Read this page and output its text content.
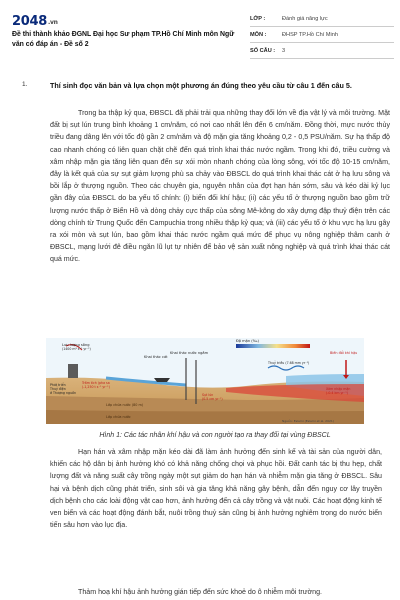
2048.vn
Đề thi thành khảo ĐGNL Đại học Sư phạm TP.Hồ Chí Minh môn Ngữ văn có đáp án - Đề số 2
LỚP :	Đánh giá năng lực
MÔN :	ĐHSP TP.Hồ Chí Minh
SỐ CÂU :	3
1.	Thí sinh đọc văn bản và lựa chọn một phương án đúng theo yêu cầu từ câu 1 đến câu 5.
Trong ba thập kỷ qua, ĐBSCL đã phải trải qua những thay đổi lớn về địa vật lý và môi trường. Mặt đất bị sụt lún trung bình khoảng 1 cm/năm, có nơi cao nhất lên đến 6 cm/năm. Đồng thời, mực nước thủy triều đang dâng lên với tốc độ gần 2 cm/năm và độ mặn gia tăng khoảng 0,2 - 0,5 PSU/năm. Sự hạ thấp độ cao nhanh chóng có liên quan chặt chẽ đến quá trình khai thác nước ngầm. Trong khi đó, triều cường và xâm nhập mặn gia tăng liên quan đến sự xói mòn nhanh chóng của lòng sông, với tốc độ 10-15 cm/năm, đây là kết quả của sự sụt giảm lượng phù sa chảy vào ĐBSCL do quá trình khai thác cát ở hạ lưu sông và bồi lắp ở thượng nguồn. Theo các chuyên gia, nguyên nhân của đợt hạn hán sớm, sâu và kéo dài kỷ lục gần đây của ĐBSCL do ba yếu tố chính: (i) biến đổi khí hậu; (ii) các yếu tố ở thượng nguồn bao gồm trữ lượng nước thấp ở Biển Hồ và dòng chảy cực thấp của sông Mê-kông do xây dựng đập thuỷ điện trên các dòng chính từ Trung Quốc đến Campuchia trong nhiều thập kỷ qua; và (iii) các yếu tố ở khu vực hạ lưu gây ra xói mòn và sụt lún, bao gồm khai thác nước ngầm quá mức để phục vụ nông nghiệp thâm canh ở ĐBSCL, mạng lưới đê điều ngăn lũ lụt tự nhiên để bảo vệ sản xuất nông nghiệp và quá trình khai thác cát quá mức.
Lưu lượng sông
(1400 m³ s⁻¹ yr⁻¹)
Khai thác cát
Khai thác nước ngầm
Độ mặn (‰)
Thuỷ triều (7.68 mm yr⁻¹)
Biến đổi khí hậu
Phát triển
Thuỷ điện
ở Thượng nguồn
Trầm tích (pha sa
(-1,250 t s⁻¹ yr⁻¹)
Sụt lún
(0.5 cm yr⁻¹)
Xâm nhập mặn
(-0.4 km yr⁻¹)
Lớp chứa nước (80 m)
Lớp chứa nước
Nguồn: Eslami (Eslami et al. 2021)
Hình 1: Các tác nhân khí hậu và con người tạo ra thay đổi tại vùng ĐBSCL
Hạn hán và xâm nhập mặn kéo dài đã làm ảnh hưởng đến sinh kế và tài sản của người dân, khiến các hộ dân bị ảnh hưởng khó có khả năng chống chọi và phục hồi. Đất canh tác bị thu hẹp, chất lượng đất và năng suất cây trồng ngày một sụt giảm do hạn hán và nhiễm mặn gia tăng ở ĐBSCL. Sâu hại và bệnh dịch cũng phát triển, sinh sôi và gia tăng khả năng gây bệnh, dẫn đến nguy cơ lây truyền dịch bệnh cho các loài động vật cao hơn, ảnh hưởng đến cả cây trồng và vật nuôi. Các hoạt động kinh tế ven biển và các hoạt động đánh bắt, nuôi trồng thuỷ sản cũng bị ảnh hưởng nghiêm trọng do nước biển tiến sâu hơn vào lục địa.
Thảm hoạ khí hậu ảnh hưởng gián tiếp đến sức khoẻ do ô nhiễm môi trường.
